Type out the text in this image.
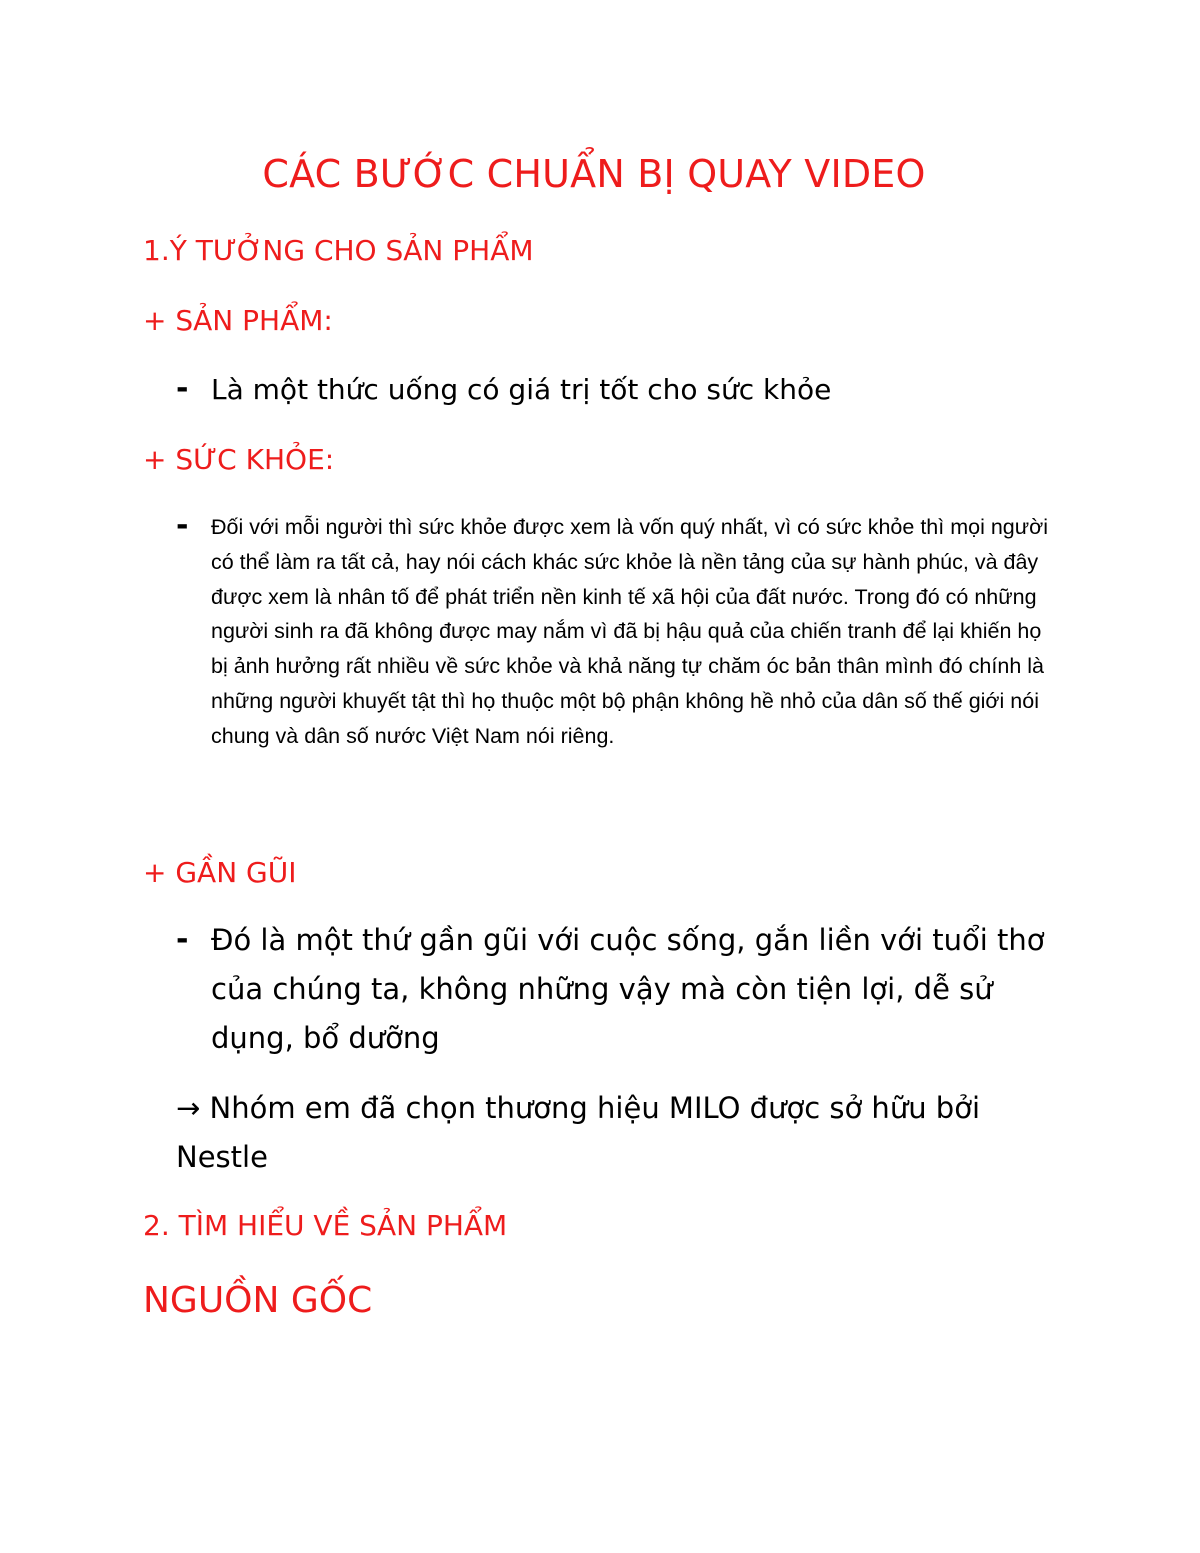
CÁC BƯỚC CHUẨN BỊ QUAY VIDEO
1.Ý TƯỞNG CHO SẢN PHẨM
+ SẢN PHẨM:
- Là một thức uống có giá trị tốt cho sức khỏe
+ SỨC KHỎE:
- Đối với mỗi người thì sức khỏe được xem là vốn quý nhất, vì có sức khỏe thì mọi người có thể làm ra tất cả, hay nói cách khác sức khỏe là nền tảng của sự hành phúc, và đây được xem là nhân tố để phát triển nền kinh tế xã hội của đất nước. Trong đó có những người sinh ra đã không được may nắm vì đã bị hậu quả của chiến tranh để lại khiến họ bị ảnh hưởng rất nhiều về sức khỏe và khả năng tự chăm óc bản thân mình đó chính là những người khuyết tật thì họ thuộc một bộ phận không hề nhỏ của dân số thế giới nói chung và dân số nước Việt Nam nói riêng.
+ GẦN GŨI
- Đó là một thứ gần gũi với cuộc sống, gắn liền với tuổi thơ của chúng ta, không những vậy mà còn tiện lợi, dễ sử dụng, bổ dưỡng
→ Nhóm em đã chọn thương hiệu MILO được sở hữu bởi Nestle
2. TÌM HIỂU VỀ SẢN PHẨM
NGUỒN GỐC
